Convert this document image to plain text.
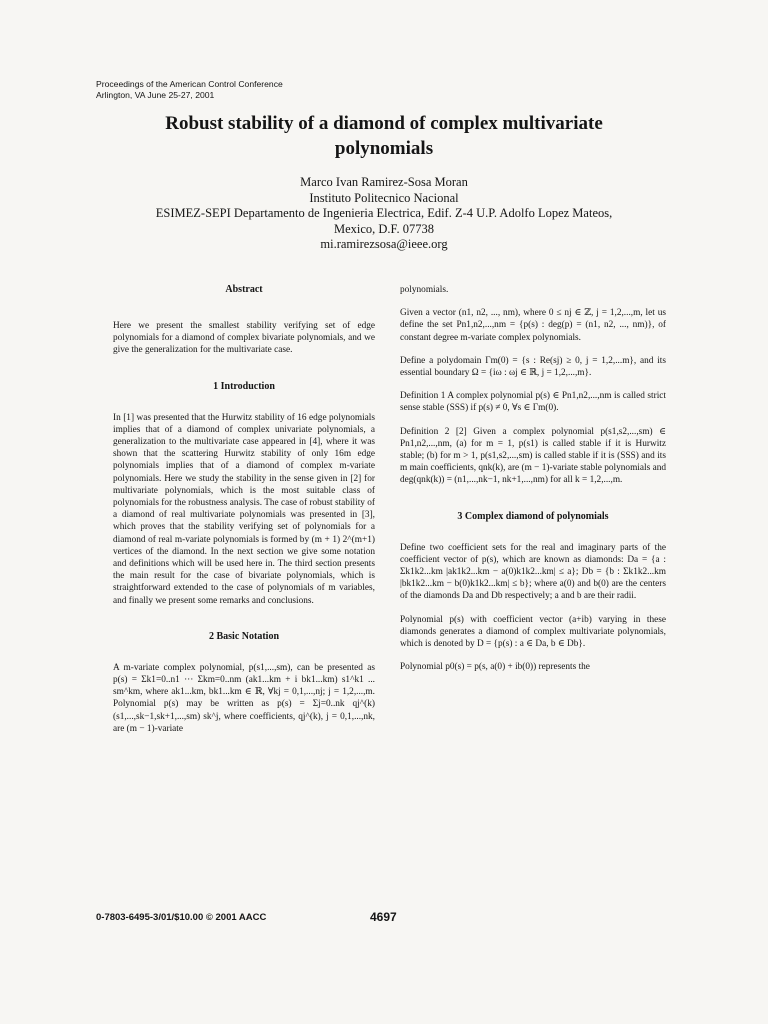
Proceedings of the American Control Conference
Arlington, VA June 25-27, 2001
Robust stability of a diamond of complex multivariate
polynomials
Marco Ivan Ramirez-Sosa Moran
Instituto Politecnico Nacional
ESIMEZ-SEPI Departamento de Ingenieria Electrica, Edif. Z-4 U.P. Adolfo Lopez Mateos,
Mexico, D.F. 07738
mi.ramirezsosa@ieee.org
Abstract

Here we present the smallest stability verifying set of edge polynomials for a diamond of complex bivariate polynomials, and we give the generalization for the multivariate case.

1 Introduction

In [1] was presented that the Hurwitz stability of 16 edge polynomials implies that of a diamond of complex univariate polynomials, a generalization to the multivariate case appeared in [4], where it was shown that the scattering Hurwitz stability of only 16m edge polynomials implies that of a diamond of complex m-variate polynomials. Here we study the stability in the sense given in [2] for multivariate polynomials, which is the most suitable class of polynomials for the robustness analysis. The case of robust stability of a diamond of real multivariate polynomials was presented in [3], which proves that the stability verifying set of polynomials for a diamond of real m-variate polynomials is formed by (m + 1) 2^(m+1) vertices of the diamond. In the next section we give some notation and definitions which will be used here in. The third section presents the main result for the case of bivariate polynomials, which is straightforward extended to the case of polynomials of m variables, and finally we present some remarks and conclusions.

2 Basic Notation

A m-variate complex polynomial, p(s1,...,sm), can be presented as p(s) = Σk1=0..n1 ··· Σkm=0..nm (ak1...km + i bk1...km) s1^k1 ... sm^km, where ak1...km, bk1...km ∈ ℝ, ∀kj = 0,1,...,nj; j = 1,2,...,m. Polynomial p(s) may be written as p(s) = Σj=0..nk qj^(k)(s1,...,sk−1,sk+1,...,sm) sk^j, where coefficients, qj^(k), j = 0,1,...,nk, are (m − 1)-variate

polynomials.

Given a vector (n1, n2, ..., nm), where 0 ≤ nj ∈ ℤ, j = 1,2,...,m, let us define the set Pn1,n2,...,nm = {p(s) : deg(p) = (n1, n2, ..., nm)}, of constant degree m-variate complex polynomials.

Define a polydomain Γm(0) = {s : Re(sj) ≥ 0, j = 1,2,...m}, and its essential boundary Ω = {iω : ωj ∈ ℝ, j = 1,2,...,m}.

Definition 1 A complex polynomial p(s) ∈ Pn1,n2,...,nm is called strict sense stable (SSS) if p(s) ≠ 0, ∀s ∈ Γm(0).

Definition 2 [2] Given a complex polynomial p(s1,s2,...,sm) ∈ Pn1,n2,...,nm, (a) for m = 1, p(s1) is called stable if it is Hurwitz stable; (b) for m > 1, p(s1,s2,...,sm) is called stable if it is (SSS) and its m main coefficients, qnk(k), are (m − 1)-variate stable polynomials and deg(qnk(k)) = (n1,...,nk−1, nk+1,...,nm) for all k = 1,2,...,m.

3 Complex diamond of polynomials

Define two coefficient sets for the real and imaginary parts of the coefficient vector of p(s), which are known as diamonds: Da = {a : Σk1k2...km |ak1k2...km − a(0)k1k2...km| ≤ a}; Db = {b : Σk1k2...km |bk1k2...km − b(0)k1k2...km| ≤ b}; where a(0) and b(0) are the centers of the diamonds Da and Db respectively; a and b are their radii.

Polynomial p(s) with coefficient vector (a+ib) varying in these diamonds generates a diamond of complex multivariate polynomials, which is denoted by D = {p(s) : a ∈ Da, b ∈ Db}.

Polynomial p0(s) = p(s, a(0) + ib(0)) represents the

0-7803-6495-3/01/$10.00 © 2001 AACC	4697
